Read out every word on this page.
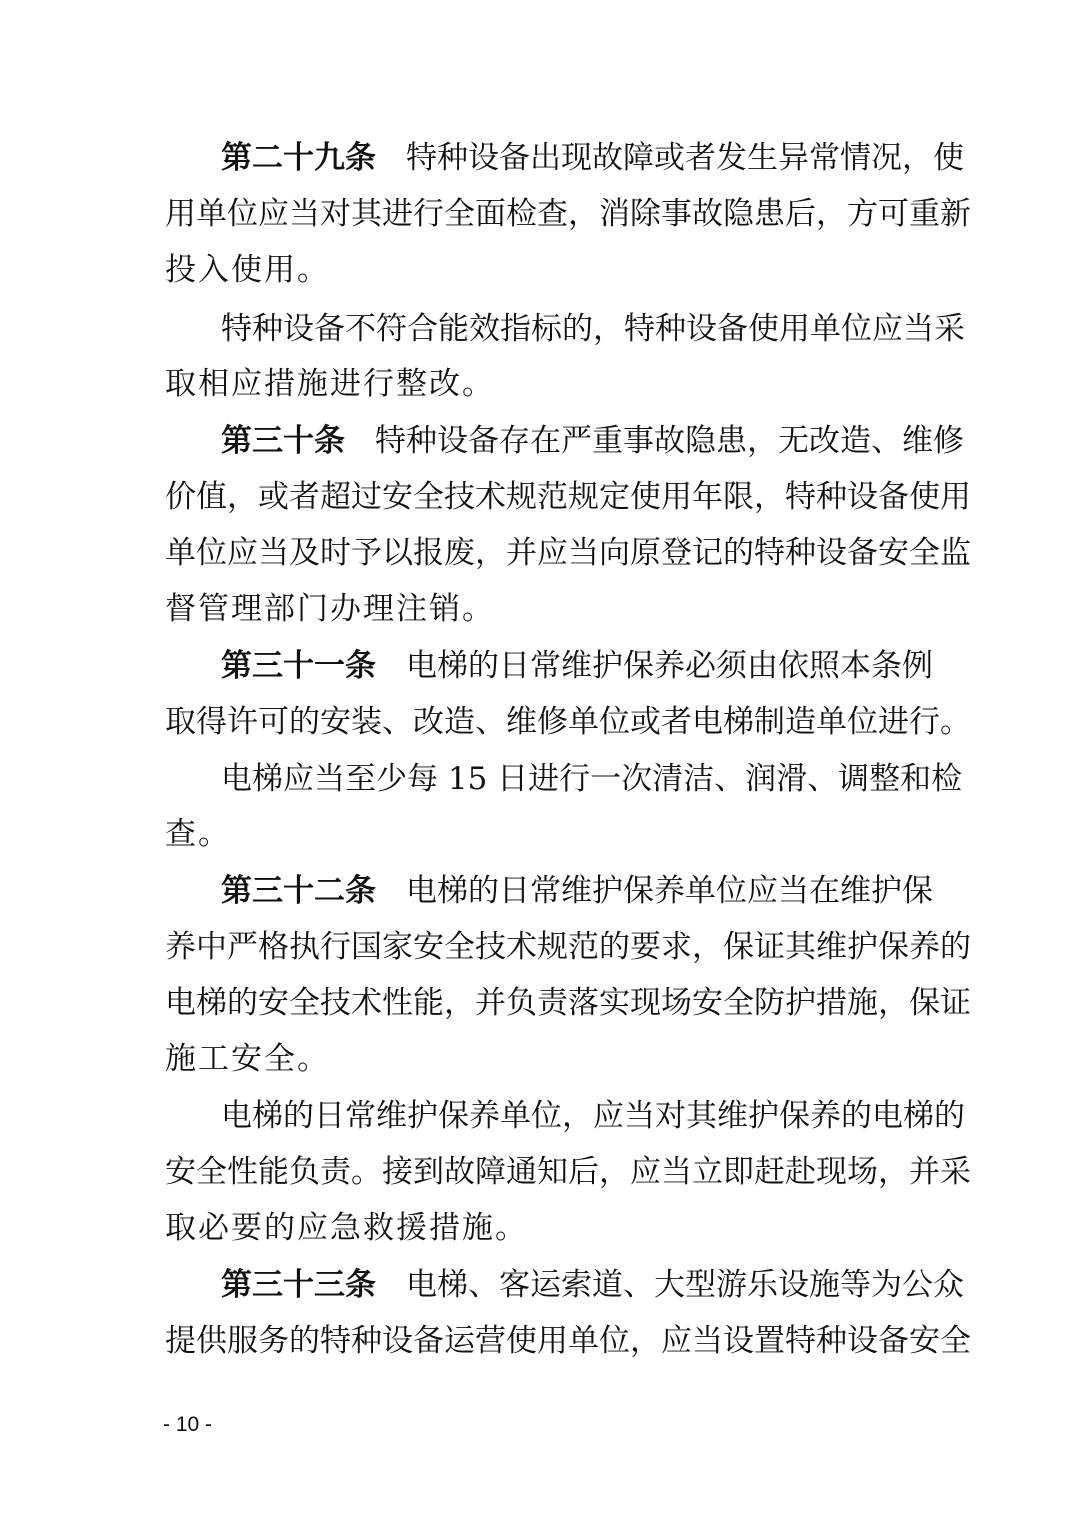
第二十九条 特种设备出现故障或者发生异常情况，使
用单位应当对其进行全面检查，消除事故隐患后，方可重新
投入使用。
特种设备不符合能效指标的，特种设备使用单位应当采
取相应措施进行整改。
第三十条 特种设备存在严重事故隐患，无改造、维修
价值，或者超过安全技术规范规定使用年限，特种设备使用
单位应当及时予以报废，并应当向原登记的特种设备安全监
督管理部门办理注销。
第三十一条 电梯的日常维护保养必须由依照本条例
取得许可的安装、改造、维修单位或者电梯制造单位进行。
电梯应当至少每 15 日进行一次清洁、润滑、调整和检
查。
第三十二条 电梯的日常维护保养单位应当在维护保
养中严格执行国家安全技术规范的要求，保证其维护保养的
电梯的安全技术性能，并负责落实现场安全防护措施，保证
施工安全。
电梯的日常维护保养单位，应当对其维护保养的电梯的
安全性能负责。接到故障通知后，应当立即赶赴现场，并采
取必要的应急救援措施。
第三十三条 电梯、客运索道、大型游乐设施等为公众
提供服务的特种设备运营使用单位，应当设置特种设备安全
- 10 -
